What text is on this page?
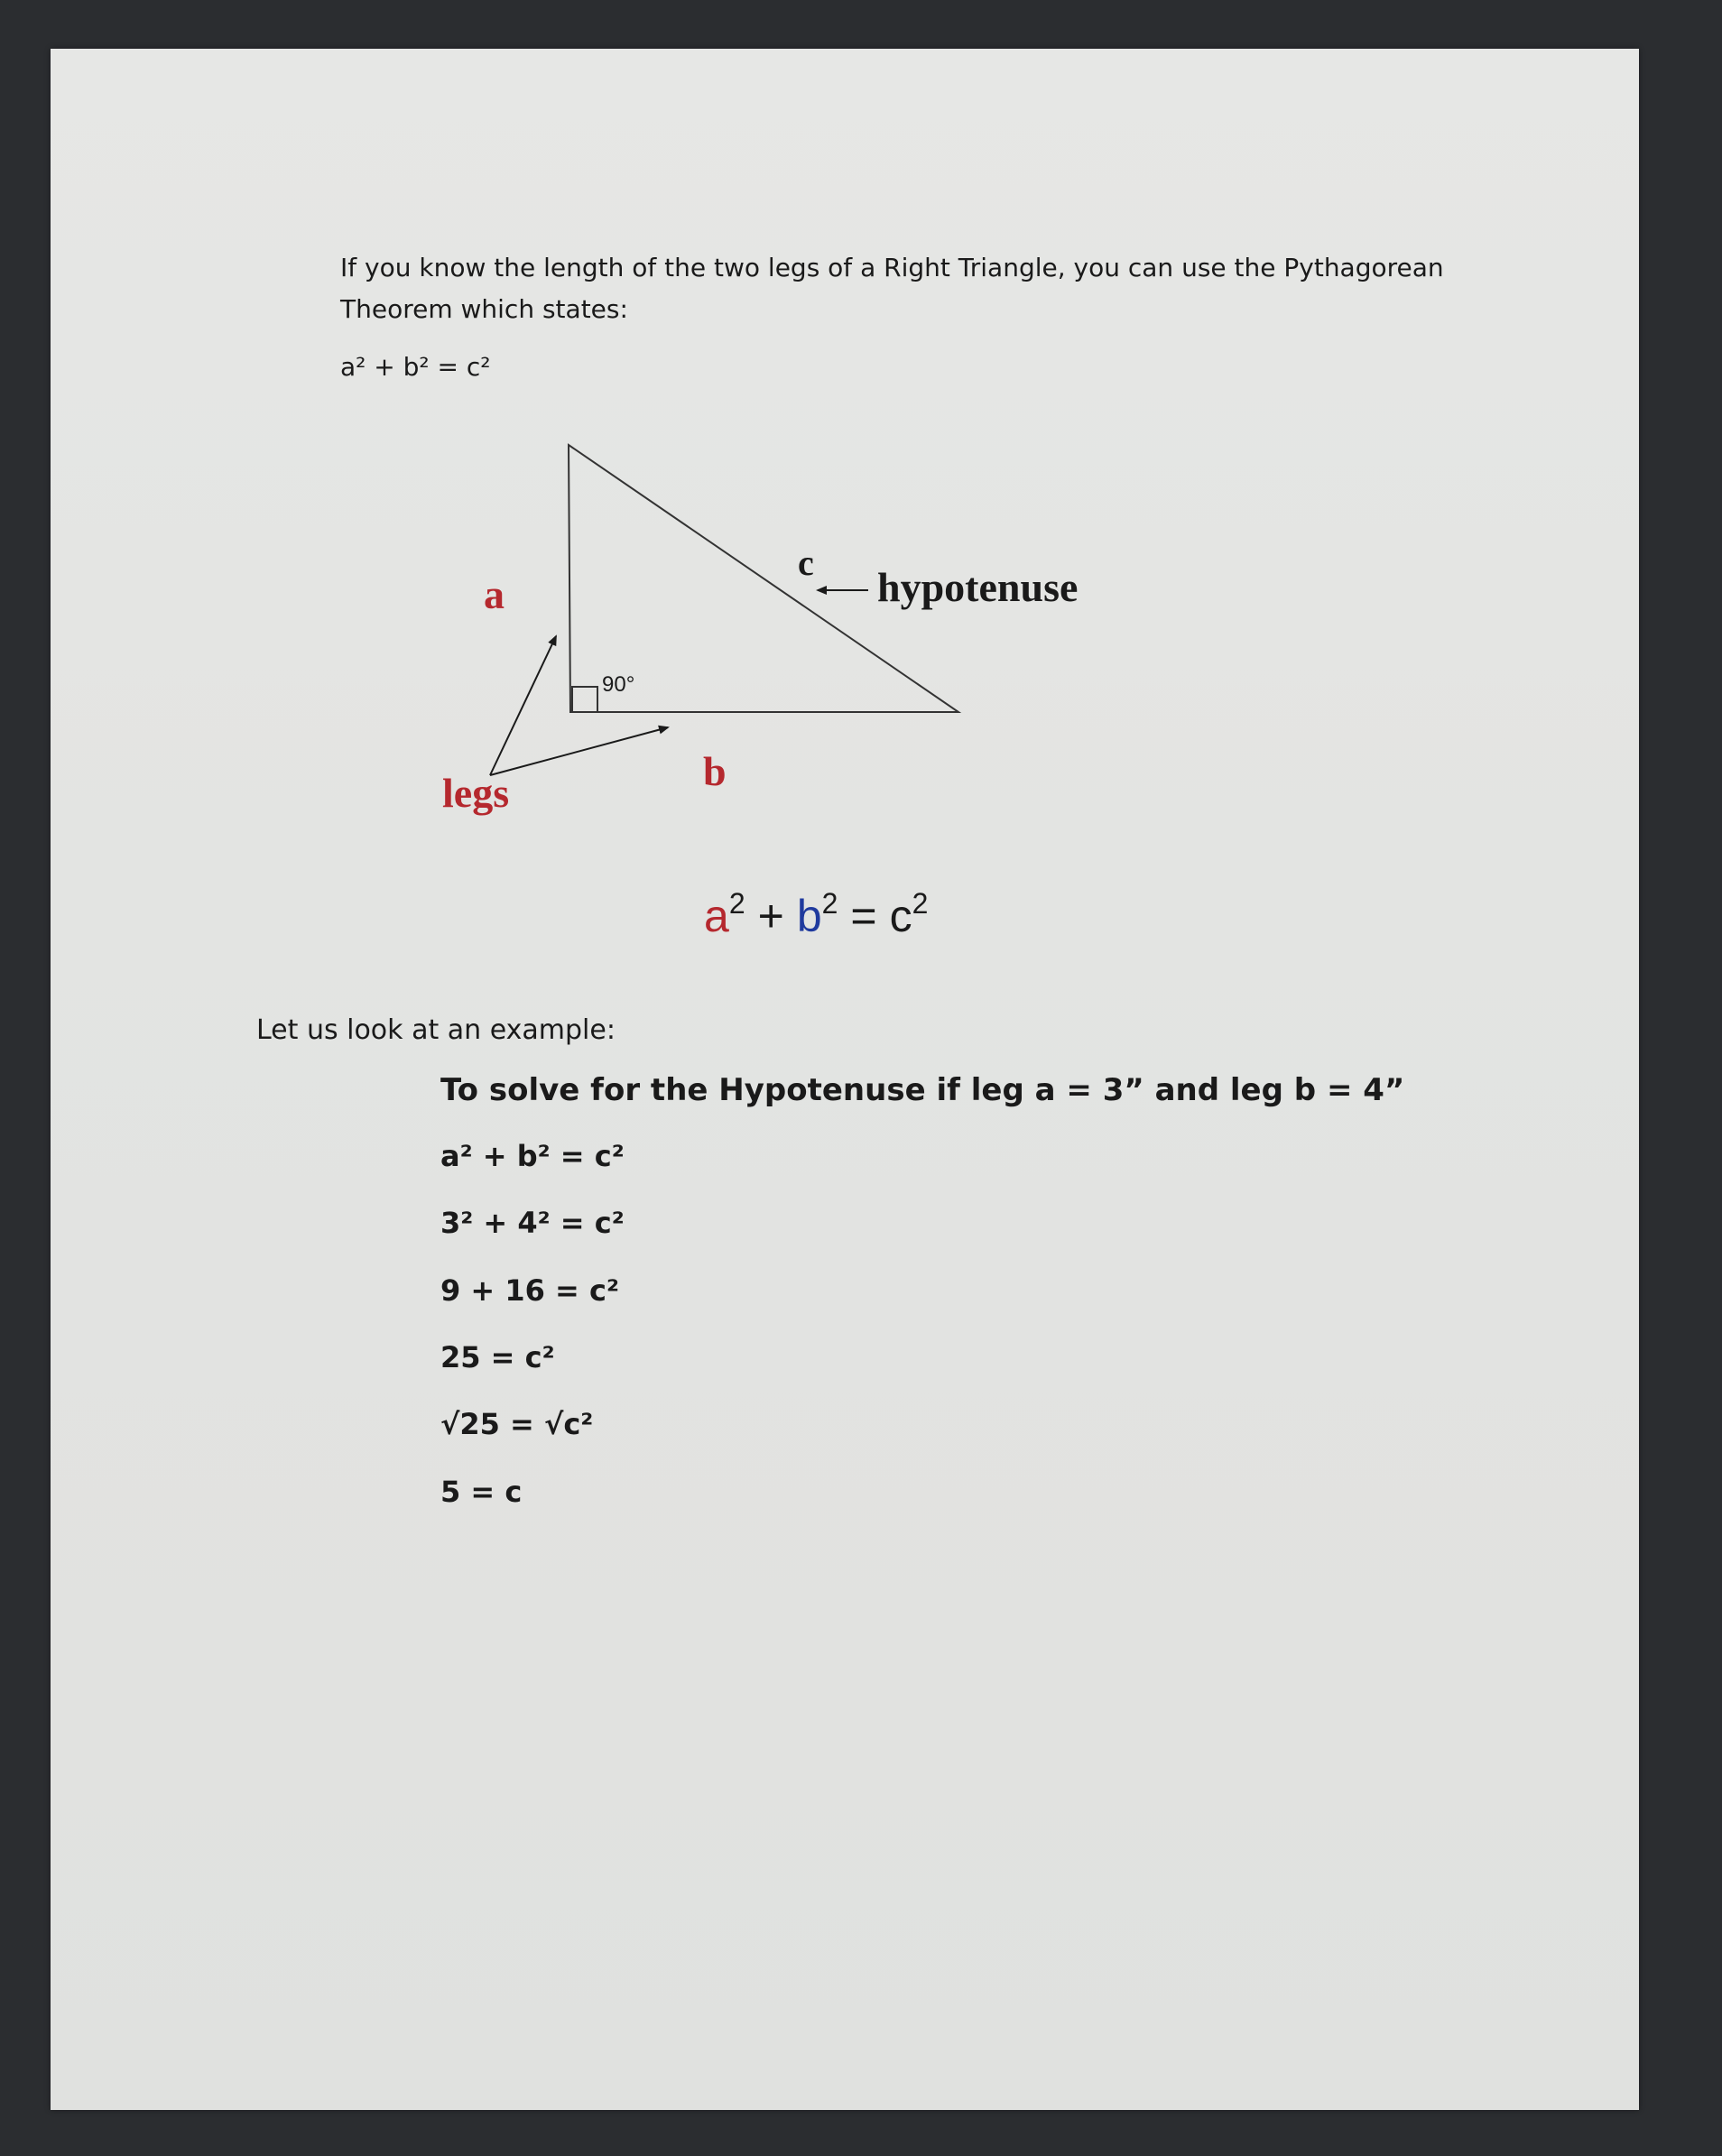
If you know the length of the two legs of a Right Triangle, you can use the Pythagorean Theorem which states:
a² + b² = c²
90°
a
b
c
hypotenuse
legs
$a^2 + b^2 = c^2$
Let us look at an example:
To solve for the Hypotenuse if leg a = 3” and leg b = 4”
a² + b² = c²
3² + 4² = c²
9 + 16 = c²
25 = c²
√25 = √c²
5 = c
